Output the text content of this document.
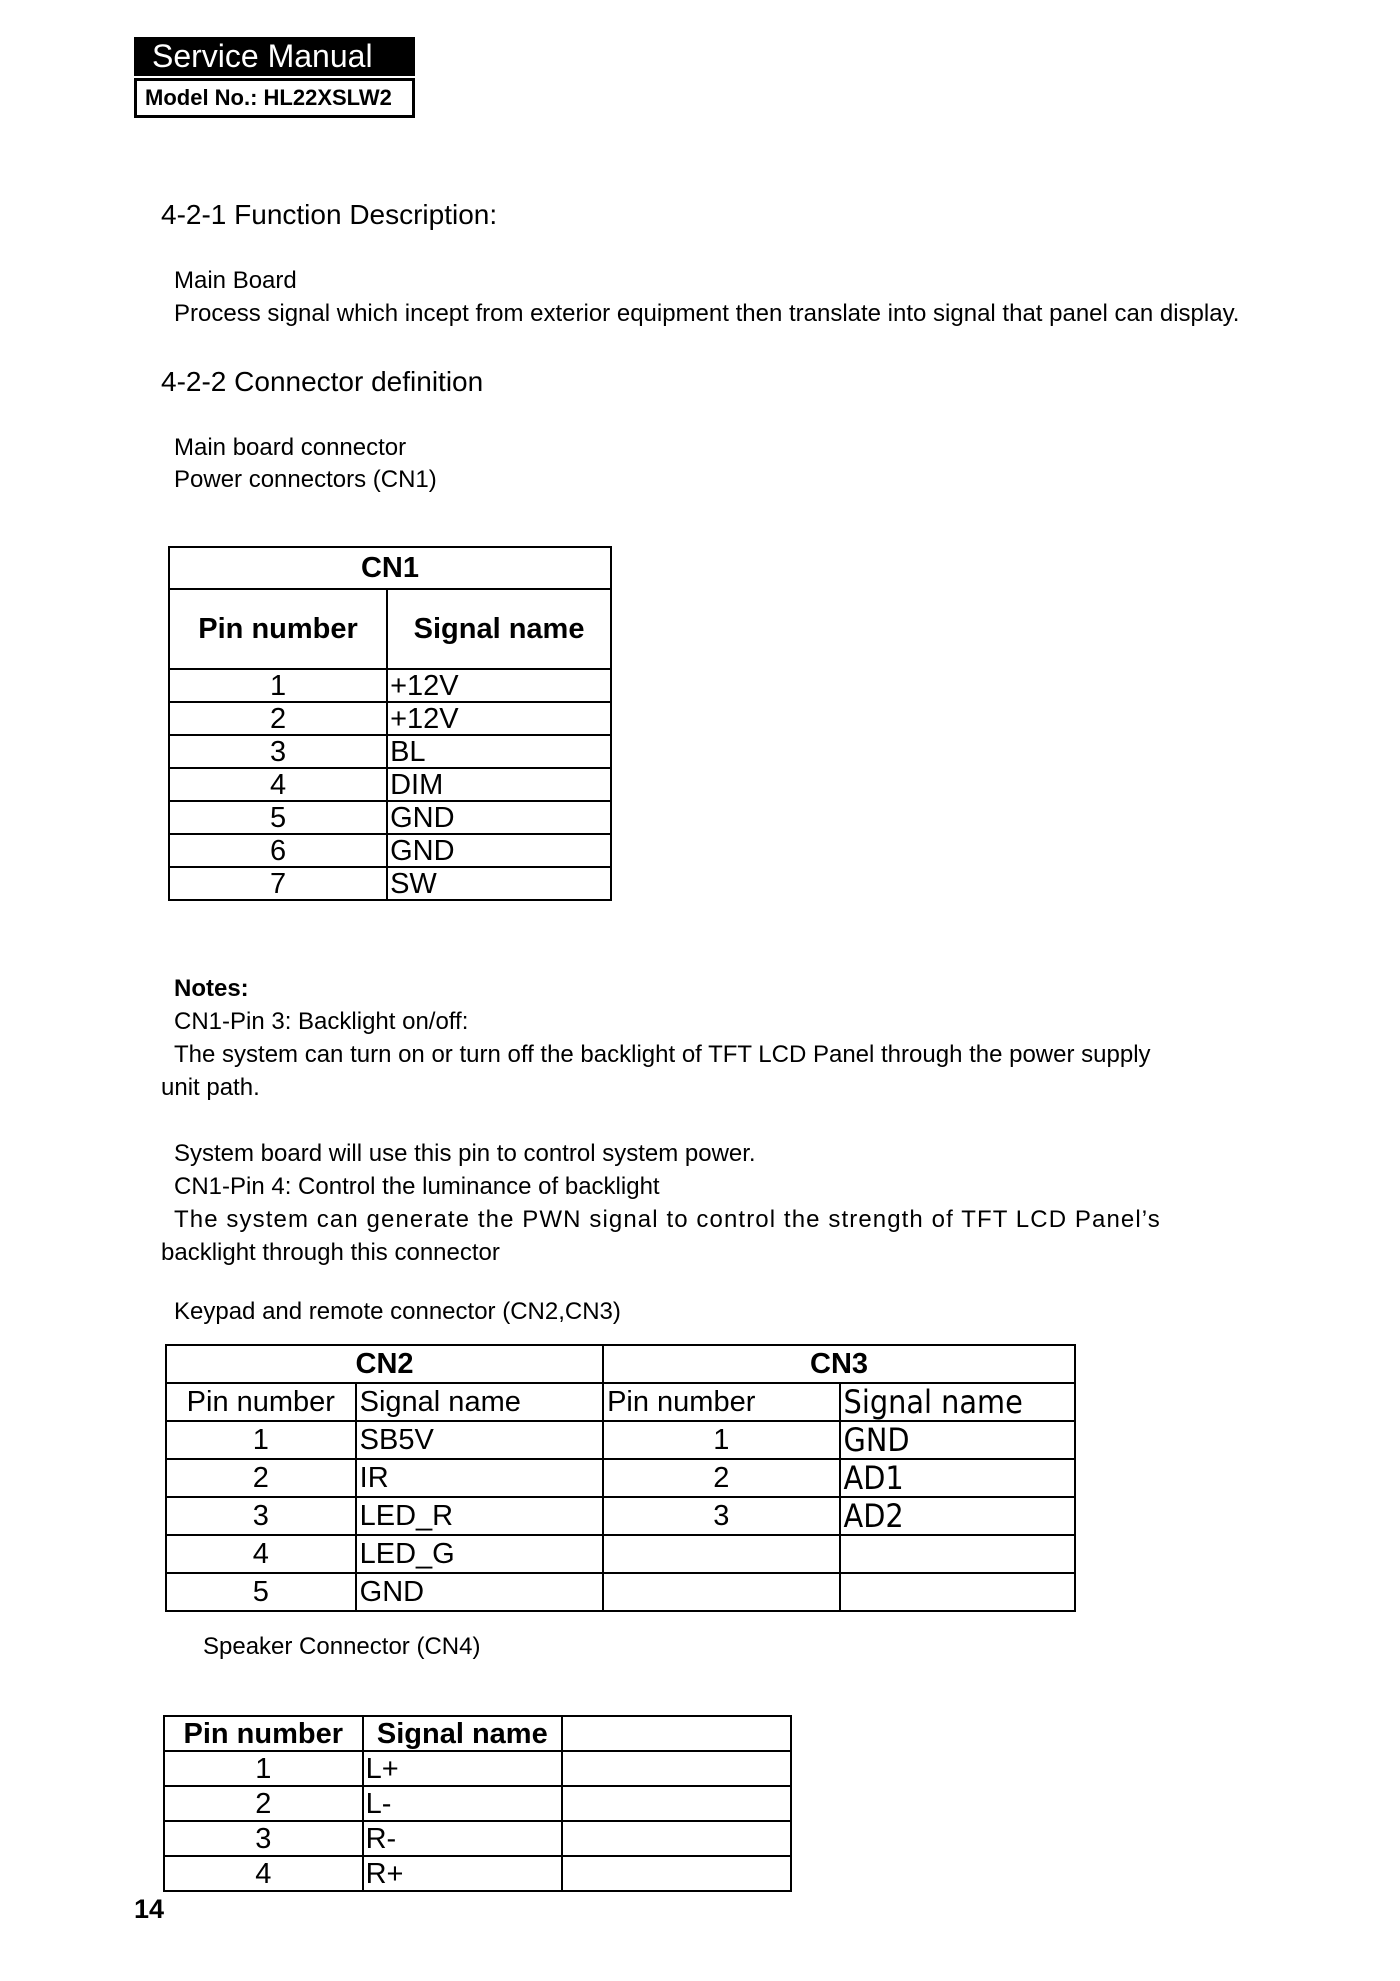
Service Manual
Model No.: HL22XSLW2
4-2-1 Function Description:
Main Board
Process signal which incept from exterior equipment then translate into signal that panel can display.
4-2-2 Connector definition
Main board connector
Power connectors (CN1)
CN1	
Pin number	Signal name
1	+12V
2	+12V
3	BL
4	DIM
5	GND
6	GND
7	SW
Notes:
CN1-Pin 3: Backlight on/off:
The system can turn on or turn off the backlight of TFT LCD Panel through the power supply
unit path.
System board will use this pin to control system power.
CN1-Pin 4: Control the luminance of backlight
The system can generate the PWN signal to control the strength of TFT LCD Panel’s
backlight through this connector
Keypad and remote connector (CN2,CN3)
CN2		CN3	
Pin number	Signal name	Pin number	Signal name
1	SB5V	1	GND
2	IR	2	AD1
3	LED_R	3	AD2
4	LED_G		
5	GND		
Speaker Connector (CN4)
Pin number	Signal name	
1	L+	
2	L-	
3	R-	
4	R+	
14
